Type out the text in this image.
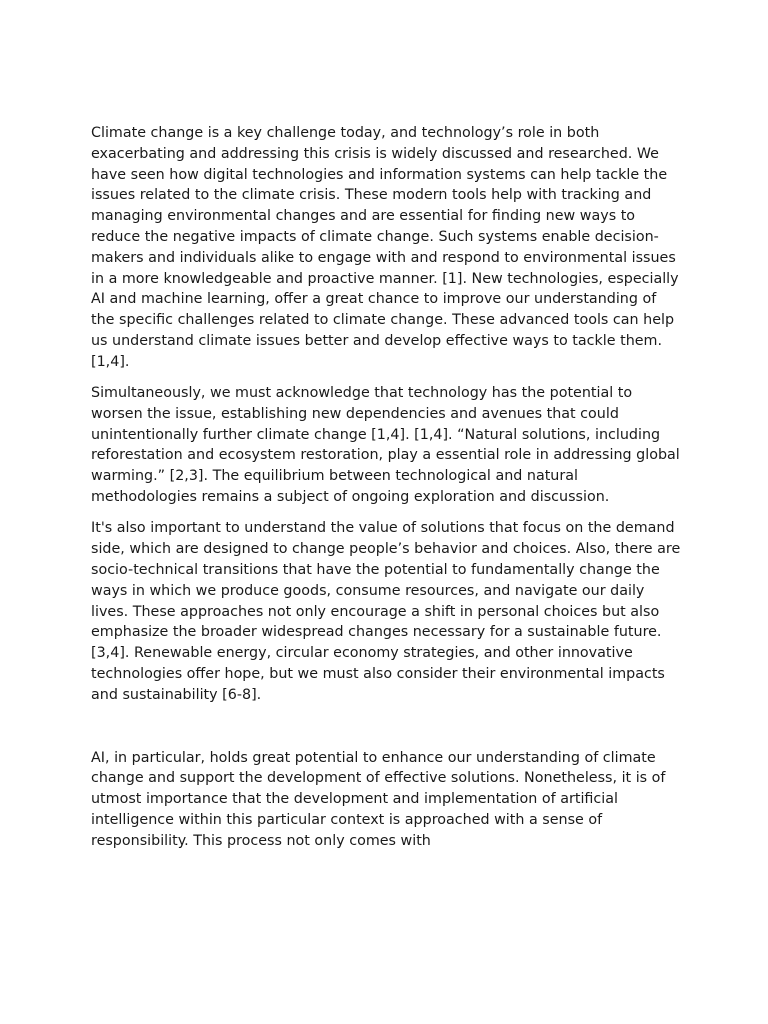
Climate change is a key challenge today, and technology’s role in both exacerbating and addressing this crisis is widely discussed and researched. We have seen how digital technologies and information systems can help tackle the issues related to the climate crisis. These modern tools help with tracking and managing environmental changes and are essential for finding new ways to reduce the negative impacts of climate change. Such systems enable decision-makers and individuals alike to engage with and respond to environmental issues in a more knowledgeable and proactive manner. [1]. New technologies, especially AI and machine learning, offer a great chance to improve our understanding of the specific challenges related to climate change. These advanced tools can help us understand climate issues better and develop effective ways to tackle them. [1,4].

Simultaneously, we must acknowledge that technology has the potential to worsen the issue, establishing new dependencies and avenues that could unintentionally further climate change [1,4]. [1,4]. “Natural solutions, including reforestation and ecosystem restoration, play a essential role in addressing global warming.” [2,3]. The equilibrium between technological and natural methodologies remains a subject of ongoing exploration and discussion.

It's also important to understand the value of solutions that focus on the demand side, which are designed to change people’s behavior and choices. Also, there are socio-technical transitions that have the potential to fundamentally change the ways in which we produce goods, consume resources, and navigate our daily lives. These approaches not only encourage a shift in personal choices but also emphasize the broader widespread changes necessary for a sustainable future. [3,4]. Renewable energy, circular economy strategies, and other innovative technologies offer hope, but we must also consider their environmental impacts and sustainability [6-8].

AI, in particular, holds great potential to enhance our understanding of climate change and support the development of effective solutions. Nonetheless, it is of utmost importance that the development and implementation of artificial intelligence within this particular context is approached with a sense of responsibility. This process not only comes with
